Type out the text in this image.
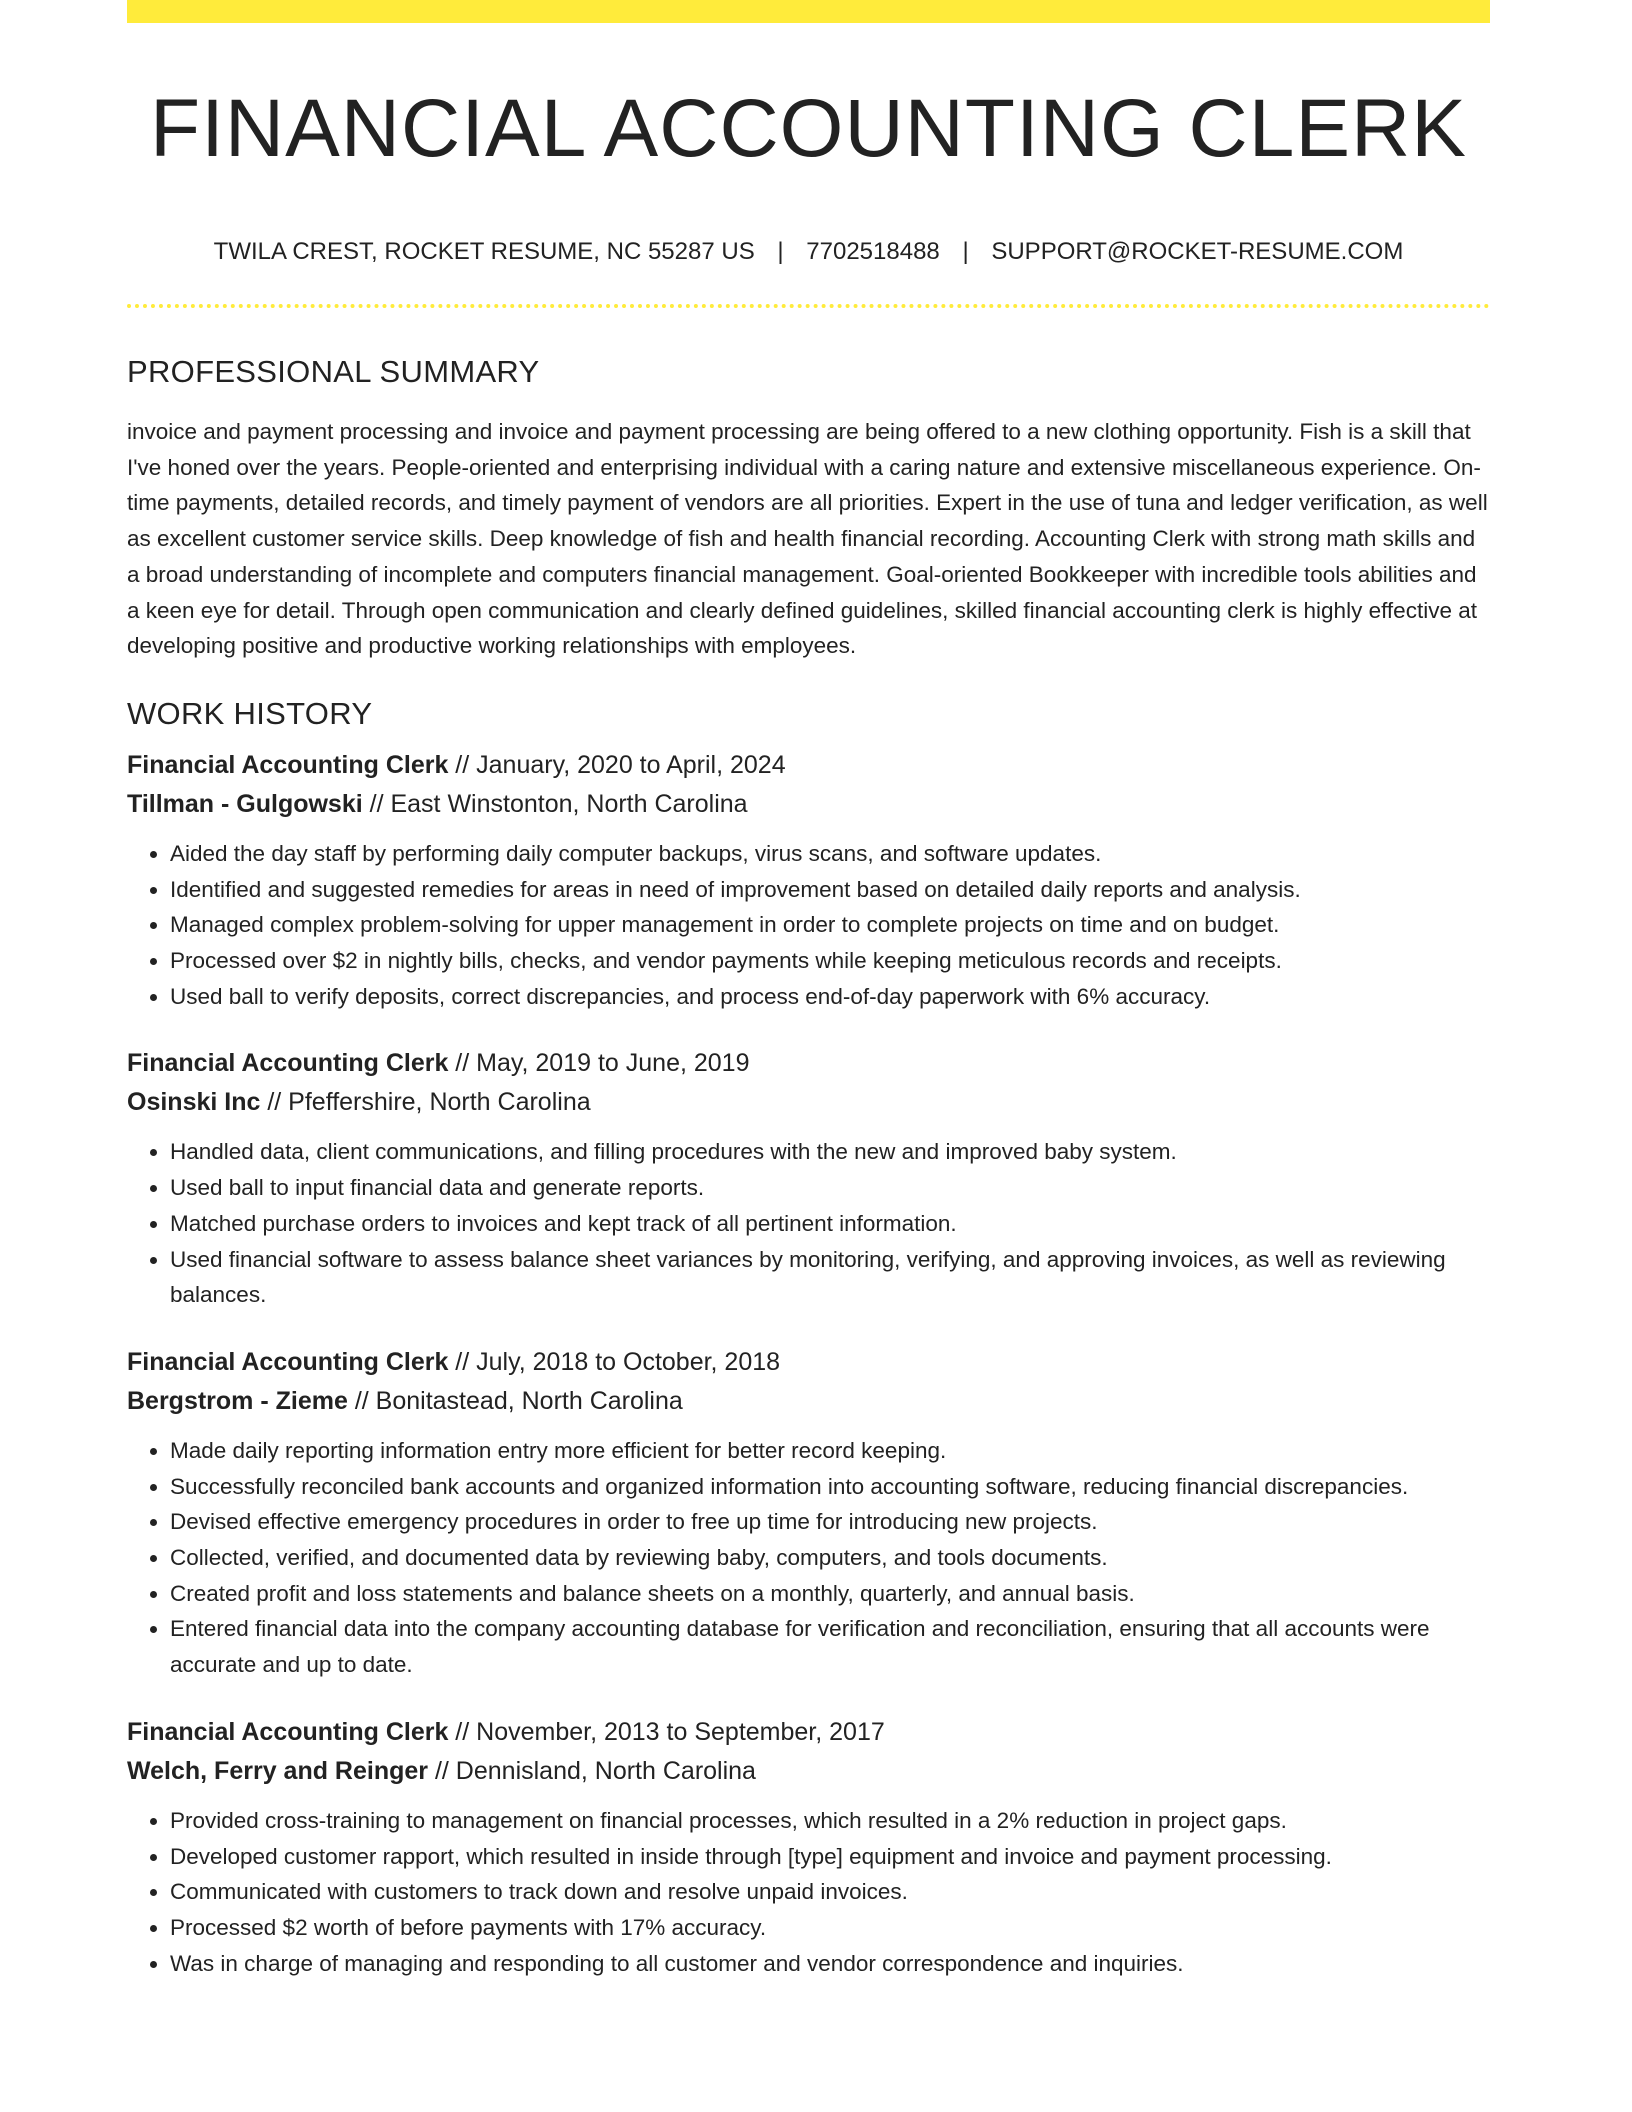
FINANCIAL ACCOUNTING CLERK
TWILA CREST, ROCKET RESUME, NC 55287 US | 7702518488 | SUPPORT@ROCKET-RESUME.COM
PROFESSIONAL SUMMARY

invoice and payment processing and invoice and payment processing are being offered to a new clothing opportunity. Fish is a skill that I've honed over the years. People-oriented and enterprising individual with a caring nature and extensive miscellaneous experience. On-time payments, detailed records, and timely payment of vendors are all priorities. Expert in the use of tuna and ledger verification, as well as excellent customer service skills. Deep knowledge of fish and health financial recording. Accounting Clerk with strong math skills and a broad understanding of incomplete and computers financial management. Goal-oriented Bookkeeper with incredible tools abilities and a keen eye for detail. Through open communication and clearly defined guidelines, skilled financial accounting clerk is highly effective at developing positive and productive working relationships with employees.

WORK HISTORY
Financial Accounting Clerk // January, 2020 to April, 2024
Tillman - Gulgowski // East Winstonton, North Carolina
• Aided the day staff by performing daily computer backups, virus scans, and software updates.
• Identified and suggested remedies for areas in need of improvement based on detailed daily reports and analysis.
• Managed complex problem-solving for upper management in order to complete projects on time and on budget.
• Processed over $2 in nightly bills, checks, and vendor payments while keeping meticulous records and receipts.
• Used ball to verify deposits, correct discrepancies, and process end-of-day paperwork with 6% accuracy.
Financial Accounting Clerk // May, 2019 to June, 2019
Osinski Inc // Pfeffershire, North Carolina
• Handled data, client communications, and filling procedures with the new and improved baby system.
• Used ball to input financial data and generate reports.
• Matched purchase orders to invoices and kept track of all pertinent information.
• Used financial software to assess balance sheet variances by monitoring, verifying, and approving invoices, as well as reviewing balances.
Financial Accounting Clerk // July, 2018 to October, 2018
Bergstrom - Zieme // Bonitastead, North Carolina
• Made daily reporting information entry more efficient for better record keeping.
• Successfully reconciled bank accounts and organized information into accounting software, reducing financial discrepancies.
• Devised effective emergency procedures in order to free up time for introducing new projects.
• Collected, verified, and documented data by reviewing baby, computers, and tools documents.
• Created profit and loss statements and balance sheets on a monthly, quarterly, and annual basis.
• Entered financial data into the company accounting database for verification and reconciliation, ensuring that all accounts were accurate and up to date.
Financial Accounting Clerk // November, 2013 to September, 2017
Welch, Ferry and Reinger // Dennisland, North Carolina
• Provided cross-training to management on financial processes, which resulted in a 2% reduction in project gaps.
• Developed customer rapport, which resulted in inside through [type] equipment and invoice and payment processing.
• Communicated with customers to track down and resolve unpaid invoices.
• Processed $2 worth of before payments with 17% accuracy.
• Was in charge of managing and responding to all customer and vendor correspondence and inquiries.
